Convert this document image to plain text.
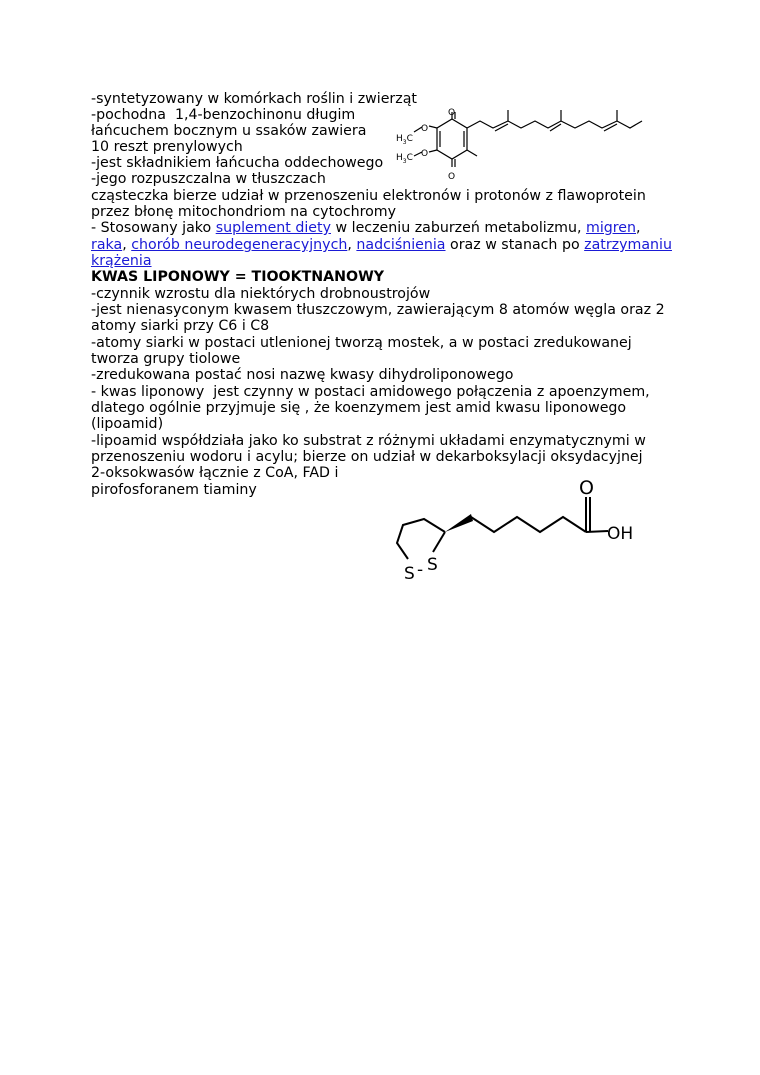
-syntetyzowany w komórkach roślin i zwierząt
-pochodna  1,4-benzochinonu długim
łańcuchem bocznym u ssaków zawiera
10 reszt prenylowych
-jest składnikiem łańcucha oddechowego
-jego rozpuszczalna w tłuszczach
cząsteczka bierze udział w przenoszeniu elektronów i protonów z flawoprotein
przez błonę mitochondriom na cytochromy
- Stosowany jako suplement diety w leczeniu zaburzeń metabolizmu, migren,
raka, chorób neurodegeneracyjnych, nadciśnienia oraz w stanach po zatrzymaniu
krążenia
KWAS LIPONOWY = TIOOKTNANOWY
-czynnik wzrostu dla niektórych drobnoustrojów
-jest nienasyconym kwasem tłuszczowym, zawierającym 8 atomów węgla oraz 2
atomy siarki przy C6 i C8
-atomy siarki w postaci utlenionej tworzą mostek, a w postaci zredukowanej
tworza grupy tiolowe
-zredukowana postać nosi nazwę kwasy dihydroliponowego
- kwas liponowy  jest czynny w postaci amidowego połączenia z apoenzymem,
dlatego ogólnie przyjmuje się , że koenzymem jest amid kwasu liponowego
(lipoamid)
-lipoamid współdziała jako ko substrat z różnymi układami enzymatycznymi w
przenoszeniu wodoru i acylu; bierze on udział w dekarboksylacji oksydacyjnej
2-oksokwasów łącznie z CoA, FAD i
pirofosforanem tiaminy
O
O
$H_3C$
O
$H_3C$ O
O
OH
S - S
